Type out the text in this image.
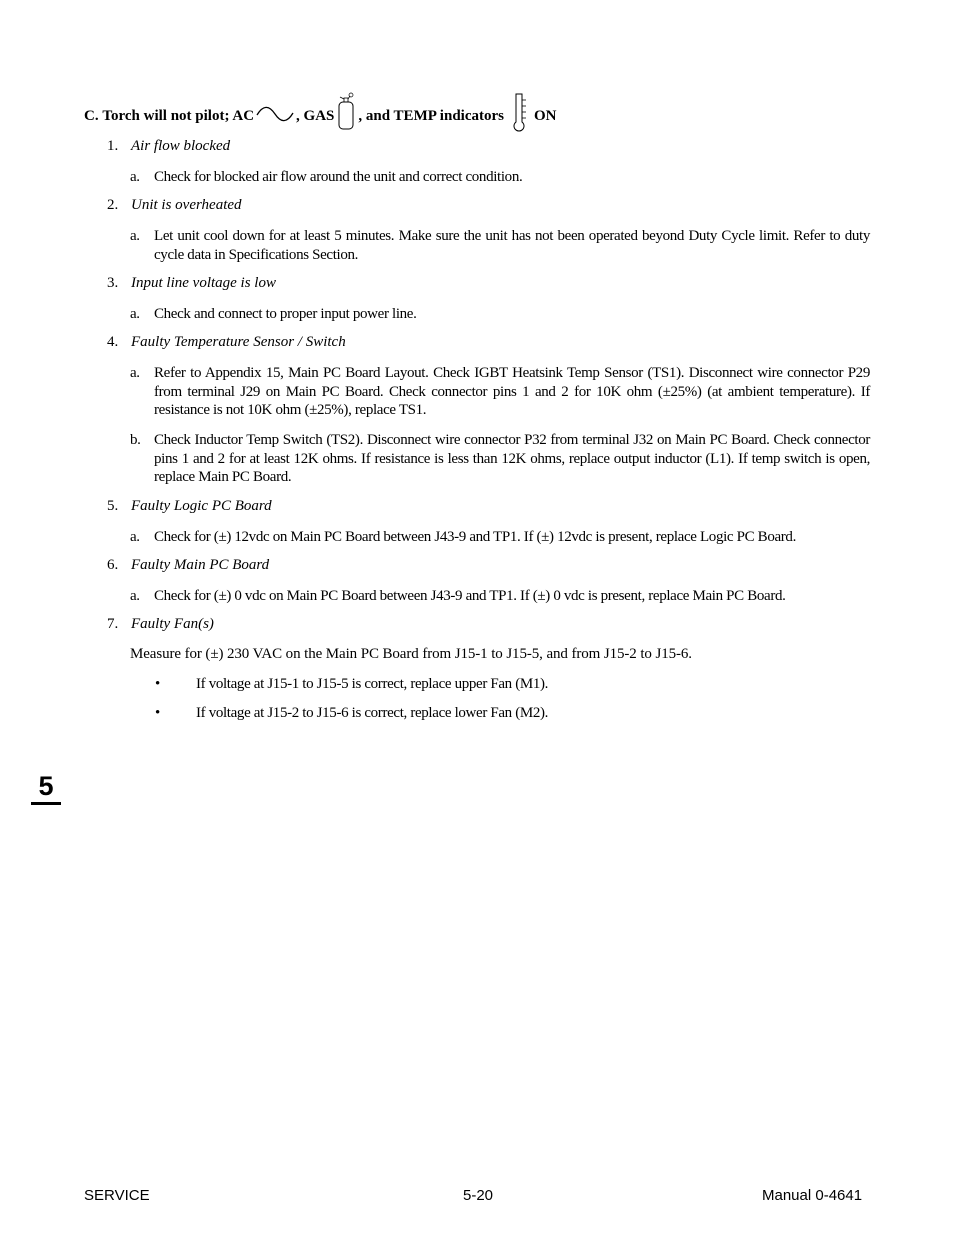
C.
Torch will not pilot; AC	, GAS , and TEMP indicators ON
1. Air flow blocked
a. Check for blocked air flow around the unit and correct condition.
2. Unit is overheated
a. Let unit cool down for at least 5 minutes. Make sure the unit has not been operated beyond Duty Cycle limit. Refer to duty cycle data in Specifications Section.
3. Input line voltage is low
a. Check and connect to proper input power line.
4. Faulty Temperature Sensor / Switch
a. Refer to Appendix 15, Main PC Board Layout. Check IGBT Heatsink Temp Sensor (TS1). Disconnect wire connector P29 from terminal J29 on Main PC Board. Check connector pins 1 and 2 for 10K ohm (±25%) (at ambient temperature). If resistance is not 10K ohm (±25%), replace TS1.
b. Check Inductor Temp Switch (TS2). Disconnect wire connector P32 from terminal J32 on Main PC Board. Check connector pins 1 and 2 for at least 12K ohms. If resistance is less than 12K ohms, replace output inductor (L1). If temp switch is open, replace Main PC Board.
5. Faulty Logic PC Board
a. Check for (±) 12vdc on Main PC Board between J43-9 and TP1. If (±) 12vdc is present, replace Logic PC Board.
6. Faulty Main PC Board
a. Check for (±) 0 vdc on Main PC Board between J43-9 and TP1. If (±) 0 vdc is present, replace Main PC Board.
7. Faulty Fan(s)
Measure for (±) 230 VAC on the Main PC Board from J15-1 to J15-5, and from J15-2 to J15-6.
• If voltage at J15-1 to J15-5 is correct, replace upper Fan (M1).
• If voltage at J15-2 to J15-6 is correct, replace lower Fan (M2).
5
SERVICE	5-20	Manual 0-4641
